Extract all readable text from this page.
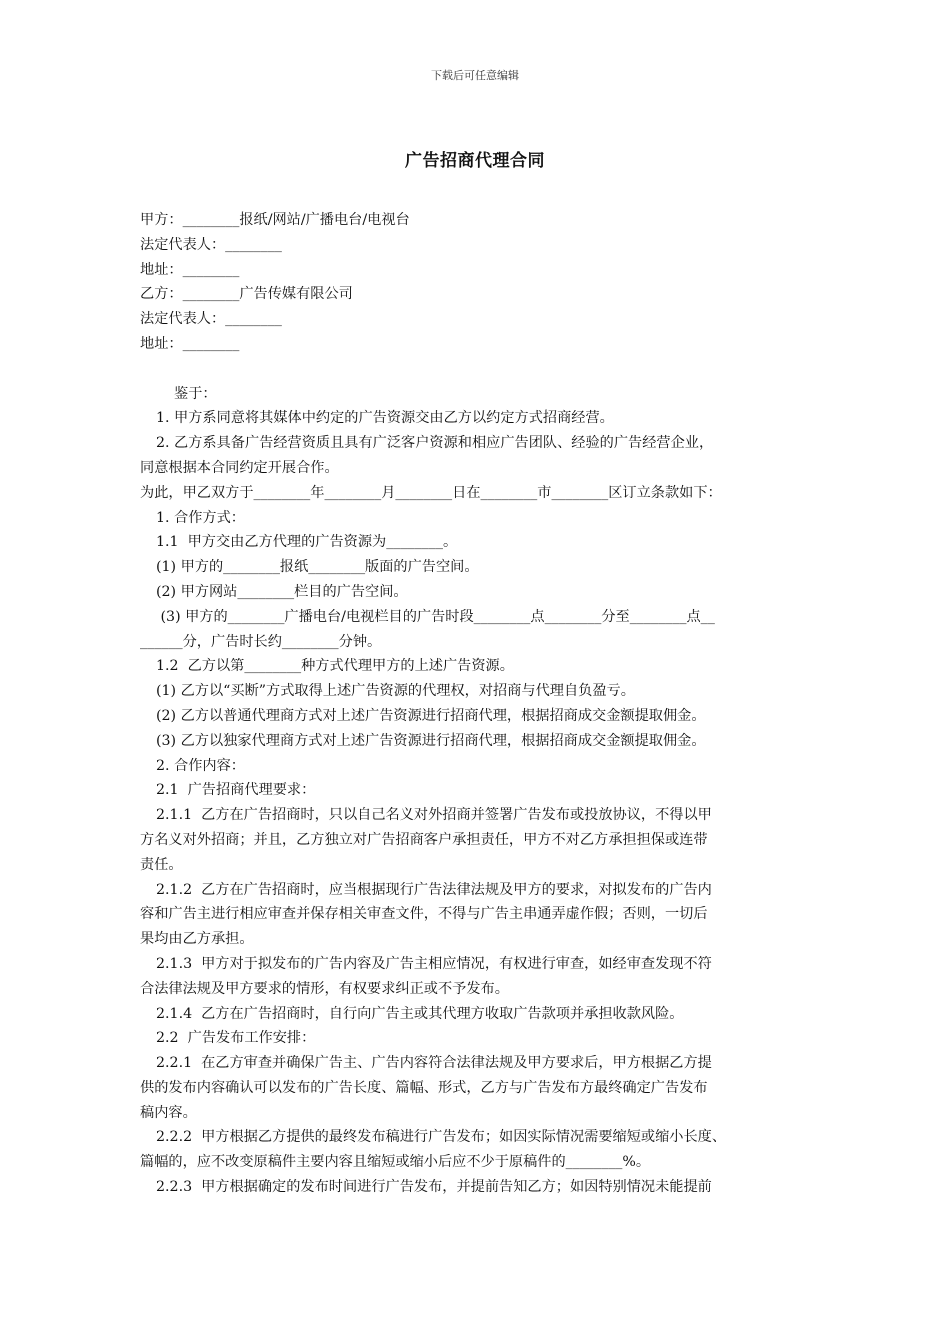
下载后可任意编辑
广告招商代理合同

甲方：________报纸/网站/广播电台/电视台

法定代表人：________

地址：________

乙方：________广告传媒有限公司

法定代表人：________

地址：________

鉴于：

1. 甲方系同意将其媒体中约定的广告资源交由乙方以约定方式招商经营。

2. 乙方系具备广告经营资质且具有广泛客户资源和相应广告团队、经验的广告经营企业，

同意根据本合同约定开展合作。

为此，甲乙双方于________年________月________日在________市________区订立条款如下：

1. 合作方式：

1.1  甲方交由乙方代理的广告资源为________。

(1) 甲方的________报纸________版面的广告空间。

(2) 甲方网站________栏目的广告空间。

(3) 甲方的________广播电台/电视栏目的广告时段________点________分至________点__

______分，广告时长约________分钟。

1.2  乙方以第________种方式代理甲方的上述广告资源。

(1) 乙方以“买断”方式取得上述广告资源的代理权，对招商与代理自负盈亏。

(2) 乙方以普通代理商方式对上述广告资源进行招商代理，根据招商成交金额提取佣金。

(3) 乙方以独家代理商方式对上述广告资源进行招商代理，根据招商成交金额提取佣金。

2. 合作内容：

2.1  广告招商代理要求：

2.1.1  乙方在广告招商时，只以自己名义对外招商并签署广告发布或投放协议，不得以甲

方名义对外招商；并且，乙方独立对广告招商客户承担责任，甲方不对乙方承担担保或连带

责任。

2.1.2  乙方在广告招商时，应当根据现行广告法律法规及甲方的要求，对拟发布的广告内

容和广告主进行相应审查并保存相关审查文件，不得与广告主串通弄虚作假；否则，一切后

果均由乙方承担。

2.1.3  甲方对于拟发布的广告内容及广告主相应情况，有权进行审查，如经审查发现不符

合法律法规及甲方要求的情形，有权要求纠正或不予发布。

2.1.4  乙方在广告招商时，自行向广告主或其代理方收取广告款项并承担收款风险。

2.2  广告发布工作安排：

2.2.1  在乙方审查并确保广告主、广告内容符合法律法规及甲方要求后，甲方根据乙方提

供的发布内容确认可以发布的广告长度、篇幅、形式，乙方与广告发布方最终确定广告发布

稿内容。

2.2.2  甲方根据乙方提供的最终发布稿进行广告发布；如因实际情况需要缩短或缩小长度、

篇幅的，应不改变原稿件主要内容且缩短或缩小后应不少于原稿件的________%。

2.2.3  甲方根据确定的发布时间进行广告发布，并提前告知乙方；如因特别情况未能提前
